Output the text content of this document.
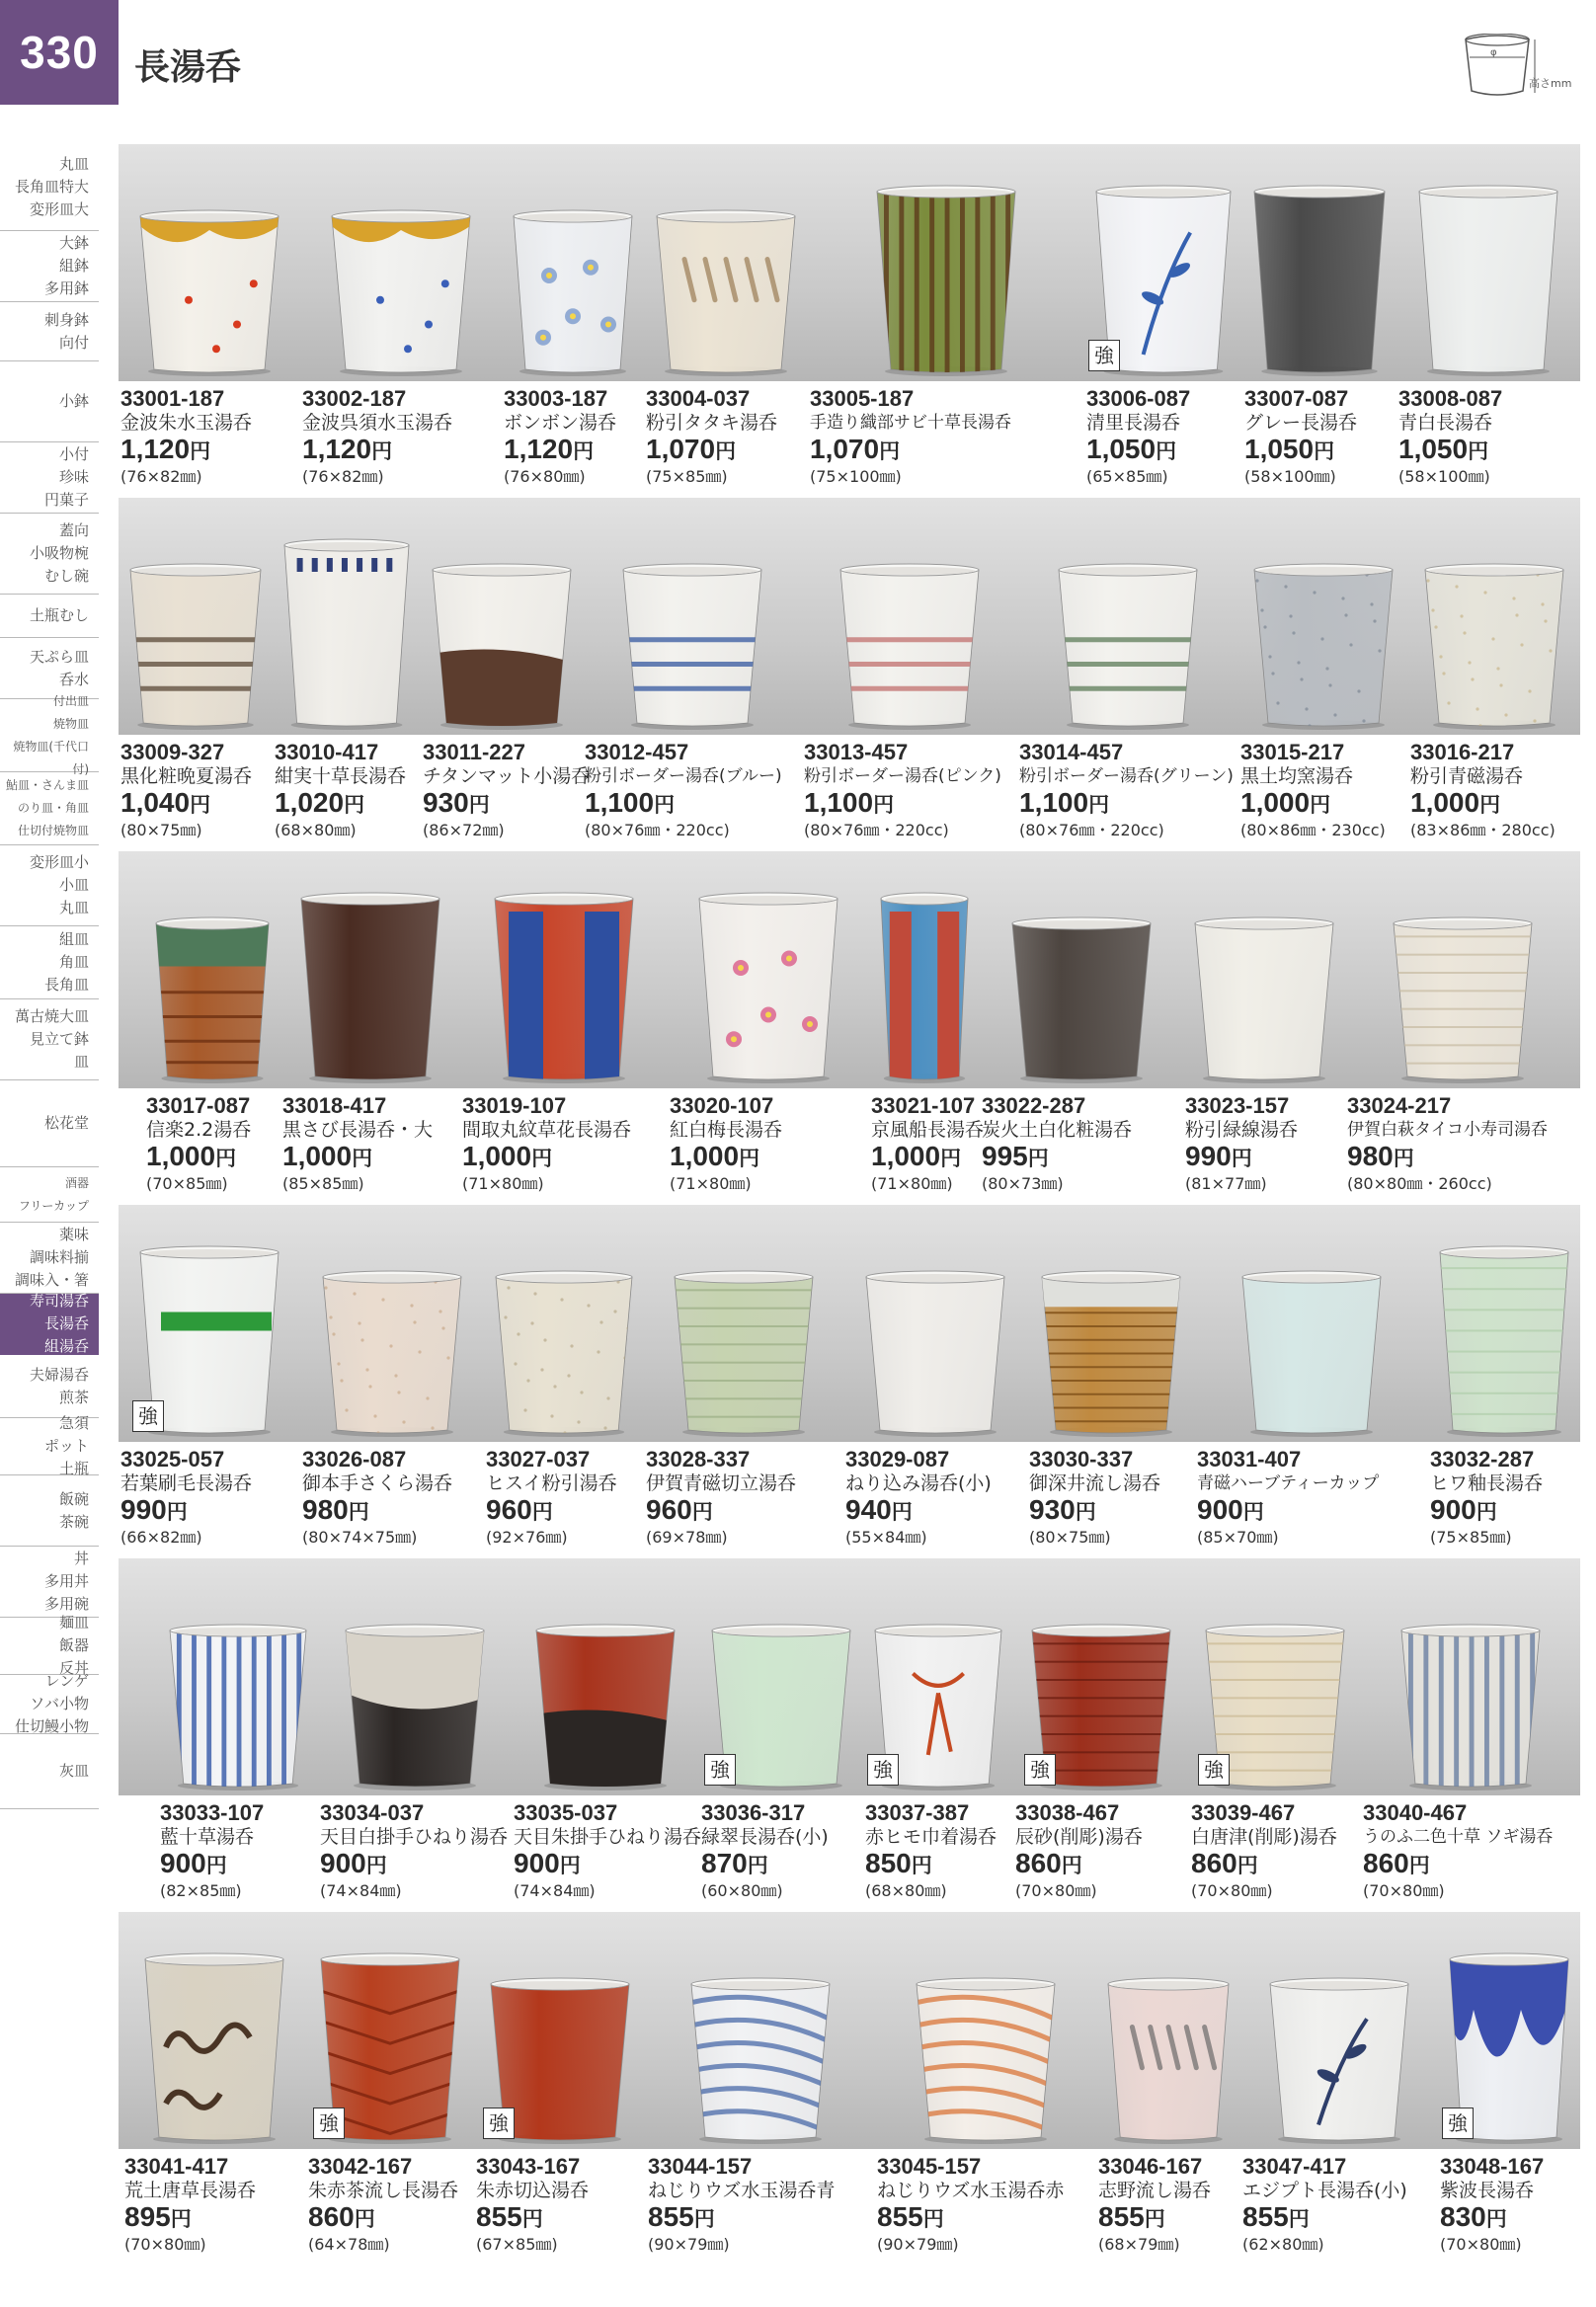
330	長湯呑	φ
高さmm
丸皿
長角皿特大
変形皿大
大鉢
組鉢
多用鉢
刺身鉢
向付
小鉢
小付
珍味
円菓子
蓋向
小吸物椀
むし碗
土瓶むし
天ぷら皿
呑水
付出皿
焼物皿
焼物皿(千代口付)
鮎皿・さんま皿
のり皿・角皿
仕切付焼物皿
変形皿小
小皿
丸皿
組皿
角皿
長角皿
萬古焼大皿
見立て鉢
皿
松花堂
酒器
フリーカップ
薬味
調味料揃
調味入・箸
寿司湯呑
長湯呑
組湯呑
夫婦湯呑
煎茶
急須
ポット
土瓶
飯碗
茶碗
丼
多用丼
多用碗
麺皿
飯器
反丼
レンゲ
ソバ小物
仕切鰻小物
灰皿
33001-187
金波朱水玉湯呑
1,120円
(76×82㎜)
33002-187
金波呉須水玉湯呑
1,120円
(76×82㎜)
33003-187
ボンボン湯呑
1,120円
(76×80㎜)
33004-037
粉引タタキ湯呑
1,070円
(75×85㎜)
33005-187
手造り織部サビ十草長湯呑
1,070円
(75×100㎜)
強
33006-087
清里長湯呑
1,050円
(65×85㎜)
33007-087
グレー長湯呑
1,050円
(58×100㎜)
33008-087
青白長湯呑
1,050円
(58×100㎜)
33009-327
黒化粧晩夏湯呑
1,040円
(80×75㎜)
33010-417
紺実十草長湯呑
1,020円
(68×80㎜)
33011-227
チタンマット小湯呑
930円
(86×72㎜)
33012-457
粉引ボーダー湯呑(ブルー)
1,100円
(80×76㎜・220cc)
33013-457
粉引ボーダー湯呑(ピンク)
1,100円
(80×76㎜・220cc)
33014-457
粉引ボーダー湯呑(グリーン)
1,100円
(80×76㎜・220cc)
33015-217
黒土均窯湯呑
1,000円
(80×86㎜・230cc)
33016-217
粉引青磁湯呑
1,000円
(83×86㎜・280cc)
33017-087
信楽2.2湯呑
1,000円
(70×85㎜)
33018-417
黒さび長湯呑・大
1,000円
(85×85㎜)
33019-107
間取丸紋草花長湯呑
1,000円
(71×80㎜)
33020-107
紅白梅長湯呑
1,000円
(71×80㎜)
33021-107
京風船長湯呑
1,000円
(71×80㎜)
33022-287
炭火土白化粧湯呑
995円
(80×73㎜)
33023-157
粉引緑線湯呑
990円
(81×77㎜)
33024-217
伊賀白萩タイコ小寿司湯呑
980円
(80×80㎜・260cc)
強
33025-057
若葉刷毛長湯呑
990円
(66×82㎜)
33026-087
御本手さくら湯呑
980円
(80×74×75㎜)
33027-037
ヒスイ粉引湯呑
960円
(92×76㎜)
33028-337
伊賀青磁切立湯呑
960円
(69×78㎜)
33029-087
ねり込み湯呑(小)
940円
(55×84㎜)
33030-337
御深井流し湯呑
930円
(80×75㎜)
33031-407
青磁ハーブティーカップ
900円
(85×70㎜)
33032-287
ヒワ釉長湯呑
900円
(75×85㎜)
33033-107
藍十草湯呑
900円
(82×85㎜)
33034-037
天目白掛手ひねり湯呑
900円
(74×84㎜)
33035-037
天目朱掛手ひねり湯呑
900円
(74×84㎜)
強
33036-317
緑翠長湯呑(小)
870円
(60×80㎜)
強
33037-387
赤ヒモ巾着湯呑
850円
(68×80㎜)
強
33038-467
辰砂(削彫)湯呑
860円
(70×80㎜)
強
33039-467
白唐津(削彫)湯呑
860円
(70×80㎜)
33040-467
うのふ二色十草 ソギ湯呑
860円
(70×80㎜)
33041-417
荒土唐草長湯呑
895円
(70×80㎜)
強
33042-167
朱赤茶流し長湯呑
860円
(64×78㎜)
強
33043-167
朱赤切込湯呑
855円
(67×85㎜)
33044-157
ねじりウズ水玉湯呑青
855円
(90×79㎜)
33045-157
ねじりウズ水玉湯呑赤
855円
(90×79㎜)
33046-167
志野流し湯呑
855円
(68×79㎜)
33047-417
エジプト長湯呑(小)
855円
(62×80㎜)
強
33048-167
紫波長湯呑
830円
(70×80㎜)
